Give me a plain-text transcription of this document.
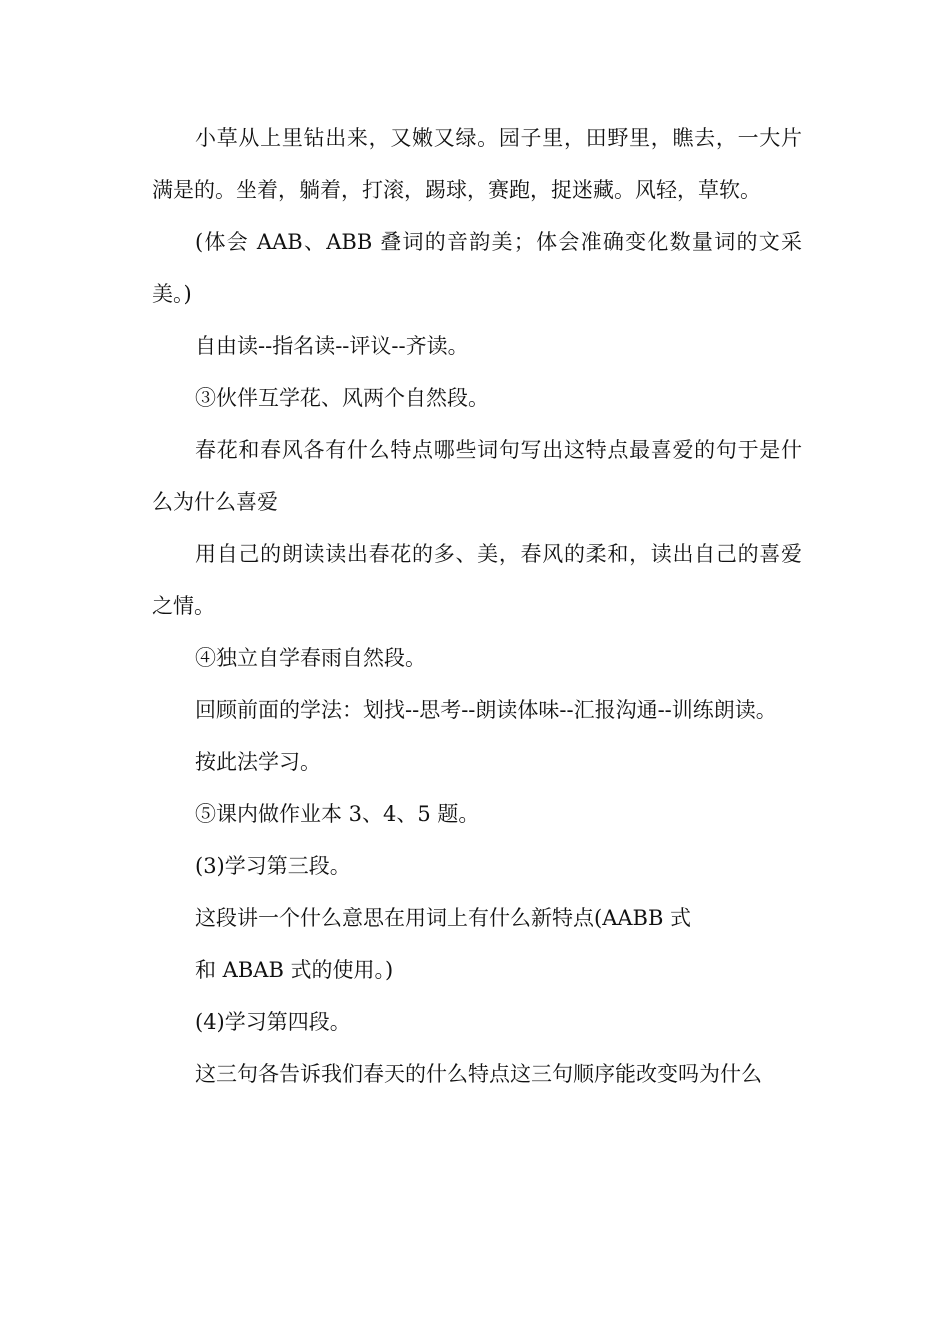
小草从上里钻出来，又嫩又绿。园子里，田野里，瞧去，一大片满是的。坐着，躺着，打滚，踢球，赛跑，捉迷藏。风轻，草软。

(体会 AAB、ABB 叠词的音韵美；体会准确变化数量词的文采美。)

自由读--指名读--评议--齐读。

③伙伴互学花、风两个自然段。

春花和春风各有什么特点哪些词句写出这特点最喜爱的句于是什么为什么喜爱

用自己的朗读读出春花的多、美，春风的柔和，读出自己的喜爱之情。

④独立自学春雨自然段。

回顾前面的学法：划找--思考--朗读体味--汇报沟通--训练朗读。

按此法学习。

⑤课内做作业本 3、4、5 题。

(3)学习第三段。

这段讲一个什么意思在用词上有什么新特点(AABB 式

和 ABAB 式的使用。)

(4)学习第四段。

这三句各告诉我们春天的什么特点这三句顺序能改变吗为什么
